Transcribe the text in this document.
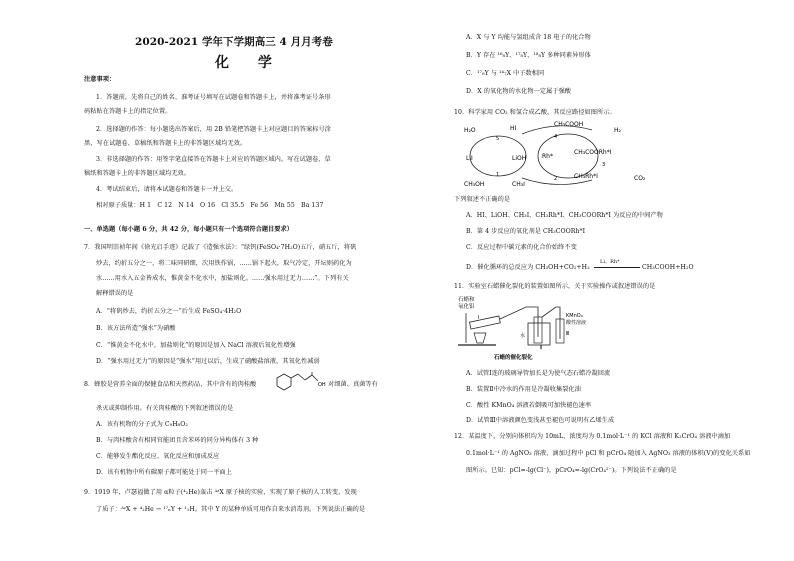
2020-2021 学年下学期高三 4 月月考卷
化 学
注意事项：
1．答题前，先将自己的姓名、准考证号填写在试题卷和答题卡上，并将准考证号条形
码粘贴在答题卡上的指定位置。
2．选择题的作答：每小题选出答案后，用 2B 铅笔把答题卡上对应题目的答案标号涂
黑，写在试题卷、草稿纸和答题卡上的非答题区域均无效。
3．非选择题的作答：用签字笔直接答在答题卡上对应的答题区域内。写在试题卷、草
稿纸和答题卡上的非答题区域均无效。
4．考试结束后，请将本试题卷和答题卡一并上交。
相对原子质量：H 1　C 12　N 14　O 16　Cl 35.5　Fe 56　Mn 55　Ba 137
一、单选题（每小题 6 分，共 42 分，每小题只有一个选项符合题目要求）
7．我国明崇祯年间《徐光启手迹》记载了《造强水法》：“绿钒(FeSO₄·7H₂O)五斤，硝五斤，将矾
炒去，约折五分之一，将二味同研细，次用铁作锅，……锅下起火，取气冷定，开坛则药化为
水……用水入五金皆成水，惟黄金不化水中，加盐则化。……强水用过无力……”。下列有关
解释错误的是
A．“将矾炒去，约折五分之一”后生成 FeSO₄·4H₂O
B．该方法所造“强水”为硝酸
C．“惟黄金不化水中，加盐则化”的原因是加入 NaCl 溶液后氧化性增强
D．“强水用过无力”的原因是“强水”用过以后，生成了硝酸盐溶液，其氧化性减弱
8．蜂胶是营养全面的保健食品和天然药品，其中含有的肉桂酸	OH 对细菌、真菌等有
杀灭或抑制作用。有关肉桂酸的下列叙述错误的是
A．该有机物的分子式为 C₉H₈O₂
B．与肉桂酸含有相同官能团且含苯环的同分异构体有 3 种
C．能够发生酯化反应、氧化反应和加成反应
D．该有机物中所有碳原子都可能处于同一平面上
9．1919 年，卢瑟福做了用 α粒子(⁴₂He)轰击 ᴬᶻX 原子核的实验，实现了原子核的人工转变，发现
了质子：ᴬᶻX + ⁴₂He → ¹⁷ₙY + ¹₁H。其中 Y 的某种单质可用作自来水消毒剂。下列说法正确的是
A．X 与 Y 均能与氢组成含 18 电子的化合物
B．Y 存在 ¹⁶₈Y、¹⁷₈Y、¹⁸₈Y 多种同素异形体
C．¹⁷₈Y 与 ¹⁴₇X 中子数相同
D．X 的氧化物的水化物一定属于强酸
10．科学家用 CO₂ 和氢合成乙酸，其反应路径如图所示。
H₂O	HI
CH₃COOH
H₂
LiI	LiOH	Rh*
CH₃COORh*I
CH₃OH	CH₃I
CH₃Rh*I	CO₂
5
1
2
3
4
下列叙述不正确的是
A．HI、LiOH、CH₃I、CH₃Rh*I、CH₃COORh*I 为反应的中间产物
B．第 4 步反应的氧化剂是 CH₃COORh*I
C．反应过程中碳元素的化合价始终不变
D．催化循环的总反应为 CH₃OH+CO₂+H₂
Li、Rh*
CH₃COOH+H₂O
11．实验室石蜡催化裂化的装置如图所示，关于实验操作或叙述错误的是
石蜡和
氧化铝
Ⅰ
水
Ⅱ
KMnO₄
酸性溶液
Ⅲ
石蜡的催化裂化
A．试管Ⅰ连的玻璃导管加长是为使气态石蜡冷凝回流
B．装置Ⅱ中冷水的作用是冷凝收集裂化油
C．酸性 KMnO₄ 溶液若倒吸可加快褪色速率
D．试管Ⅲ中溶液颜色变浅甚至褪色可说明有乙烯生成
12．某温度下，分别向体积均为 10mL、浓度均为 0.1mol·L⁻¹ 的 KCl 溶液和 K₂CrO₄ 溶液中滴加
0.1mol·L⁻¹ 的 AgNO₃ 溶液，滴加过程中 pCl 和 pCrO₄ 随加入 AgNO₃ 溶液的体积(V)的变化关系如
图所示。已知：pCl=-lg(Cl⁻)，pCrO₄=-lg(CrO₄²⁻)。下列说法不正确的是
